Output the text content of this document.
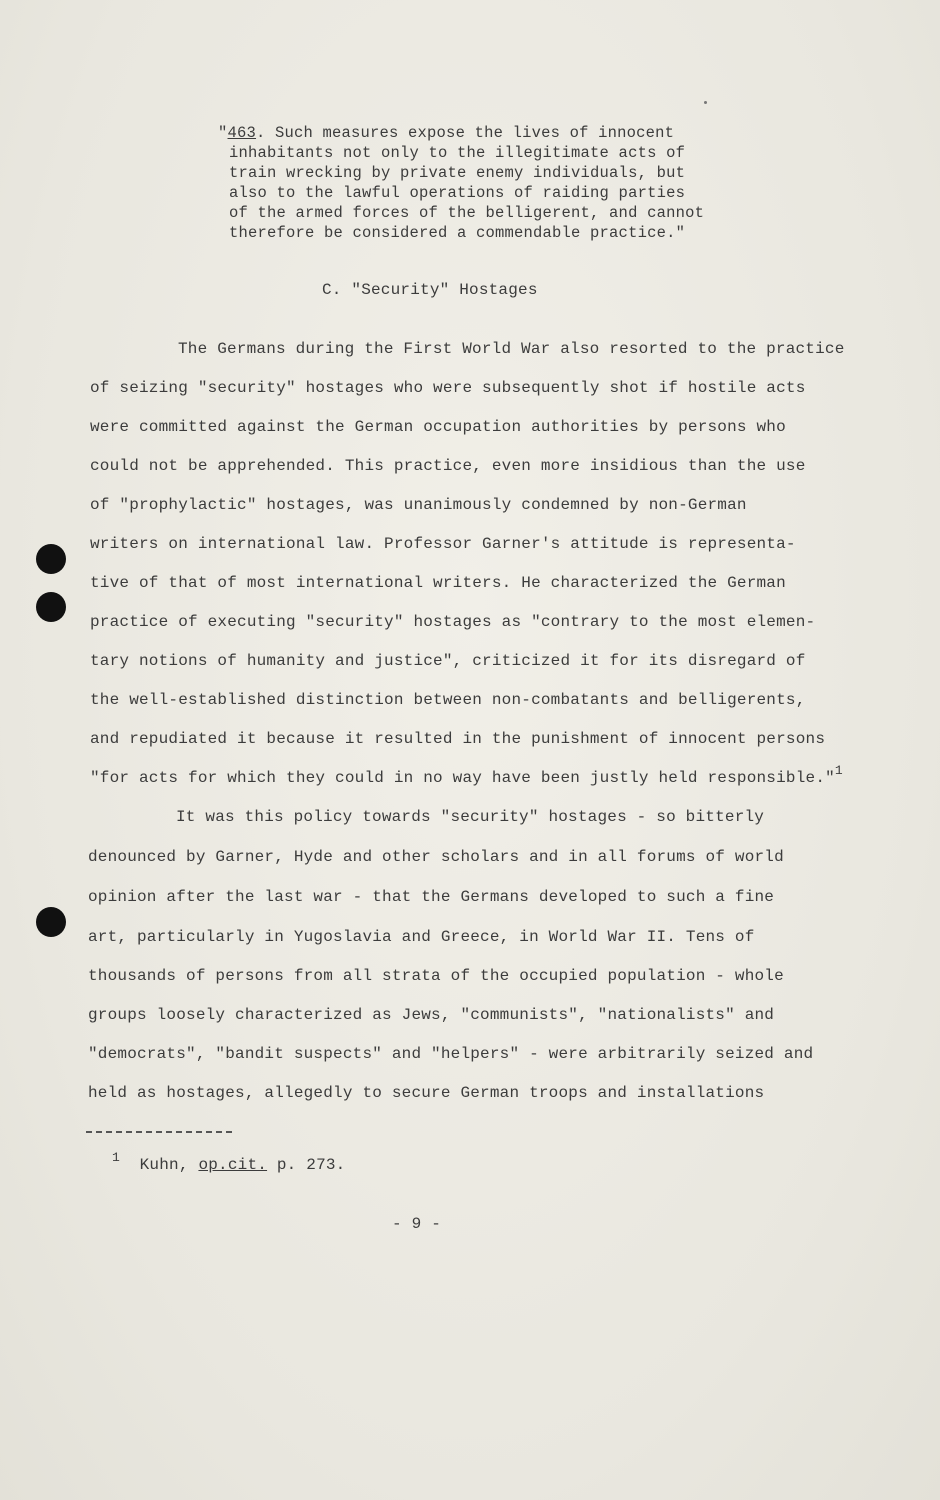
"463. Such measures expose the lives of innocent
inhabitants not only to the illegitimate acts of
train wrecking by private enemy individuals, but
also to the lawful operations of raiding parties
of the armed forces of the belligerent, and cannot
therefore be considered a commendable practice."
C. "Security" Hostages
The Germans during the First World War also resorted to the practice
of seizing "security" hostages who were subsequently shot if hostile acts
were committed against the German occupation authorities by persons who
could not be apprehended. This practice, even more insidious than the use
of "prophylactic" hostages, was unanimously condemned by non-German
writers on international law. Professor Garner's attitude is representa-
tive of that of most international writers. He characterized the German
practice of executing "security" hostages as "contrary to the most elemen-
tary notions of humanity and justice", criticized it for its disregard of
the well-established distinction between non-combatants and belligerents,
and repudiated it because it resulted in the punishment of innocent persons
"for acts for which they could in no way have been justly held responsible."$^1$
It was this policy towards "security" hostages - so bitterly
denounced by Garner, Hyde and other scholars and in all forums of world
opinion after the last war - that the Germans developed to such a fine
art, particularly in Yugoslavia and Greece, in World War II. Tens of
thousands of persons from all strata of the occupied population - whole
groups loosely characterized as Jews, "communists", "nationalists" and
"democrats", "bandit suspects" and "helpers" - were arbitrarily seized and
held as hostages, allegedly to secure German troops and installations
$^1$ Kuhn, op.cit. p. 273.
- 9 -
